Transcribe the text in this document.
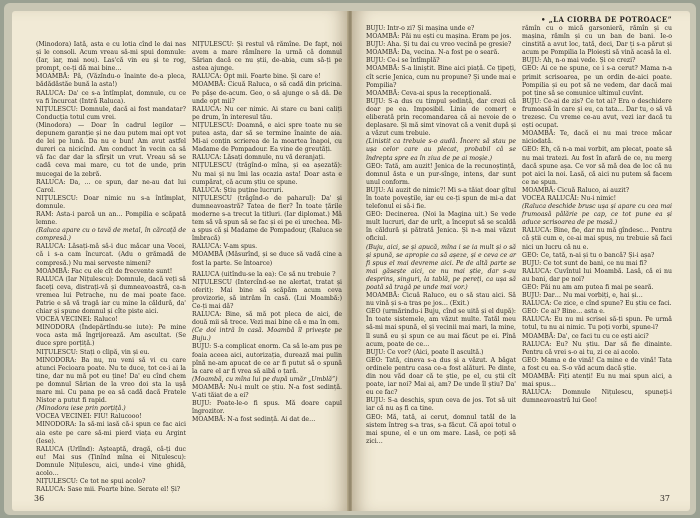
(Minodora) Iată, asta e cu lotia cînd le dai nas și le consoli. Acum vreau să-mi spui domnule: (Iar, iar, mai nou). Las'că vin eu și te rog, prompt, ce-ți dă mai bine…

MOAMBĂ: Pă, (Văzîndu-o înainte de-a pleca, bădădăstăe bună la asta!)

RALUCA: Da' ce s-a întîmplat, domnule, cu ce va fi încurcat (Intră Raluca).

NIȚULESCU: Domnule, dacă ai fost mandatar? Conducția totul cum vrei.

(Minodora) — Doar în cadrul legilor — depunem garanție și ne dau putem mai opt vot de lei pe lună. Da nu e bun! Am avut astfel dureri ca nicicînd. Am conduct în vecin ca să vă fac dar dar la sfîrșit un vrut. Vreau să se cadă ceva mai mare, cu tot de unde, prin mucegai de la zebră.

RALUCA: Da, … ce spun, dar ne-au dat lui Carol.

NIȚULESCU: Doar nimic nu s-a întîmplat, domnule.

RAM: Asta-i parcă un an… Pompilia e scăpată lemne.

(Raluca apare cu o tavă de metal, în cărcață de compresă.)

RALUCA: Lăsați-mă să-i duc măcar una Vocei, că i s-a cam încurcat. (Adu o grămadă de compresă.) Nu mai serveste nimeni?

MOAMBĂ: Fac cu ele cît de frecvente sunt!

RALUCA (Iar Nițulescu): Domnule, dacă veți să faceți ceva, distrați-vă și dumneavoastră, ca-n vremea lui Petrache, nu de mai poate face. Patrie e să vă tragă iar cu mine la căldură, da' chiar și spune domnul și cîte piste aici.

VOCEA VECINEI: Raluco!

MINODORA (Îndepărtîndu-se iute): Pe mine voca asta mă îngrijorează. Am ascultat. (Se duce spre porțiță.)

NIȚULESCU: Stați o clipă, vin și eu.

MINODORA: Ba nu, nu veni să vi cu care atunci Fecioara poate. Nu te duce, tot ce-i ai la tine, dar nu mă pot eu ține! Da' eu cînd chem pe domnul Sărian de la vreo doi sta la ușă mare mi. Cu pana pe ea să cadă dacă Fratele Nistor a putut fi rapid.

(Minodora iese prin porțiță.)

VOCEA VECINEI: FIU! Ralucooo!

MINODORA: Ia să-mi iasă că-i spun ce fac aici aia este pe care să-mi pierd viața eu Argint (Iese).

RALUCA (Urlînd): Așteaptă, dragă, că-ți duc eu! Mai sus (Ținînd mîna ei Nițulescu): Domnule Nițulescu, aici, unde-i vine ghidă, acolo…

NIȚULESCU: Ce tot ne spui acolo?

RALUCA: Sase mii. Foarte bine. Serate el! Și?

NIȚULESCU: Și restul vă rămîne. De fapt, noi avem a mare rămînere la urmă că domnul Sărian dacă ce nu știi, de-abia, cum să-ți pe astea ajunge.

RALUCA: Opt mii. Foarte bine. Și care e!

MOAMBĂ: Cicuă Raluca, o să cadă din pricina. Pe pășe de-acum. Geo, o să ajunge o să dă. De unde opt mii?

RALUCA: Nu cer nimic. Ai stare cu bani caliți pe drum, în interesul tău.

NIȚULESCU: Doamnă, e aici spre toate nu se putea asta, dar să se termine înainte de aia. Mi-ai conțin scrierea de la moartea înapoi, cu Madame de Pompadour. Ea vine de greutăți.

RALUCA: Lăsați domnule, nu vă deranjați.

NIȚULESCU (trăgînd-o mîna, și ea așezată): Nu mai și nu îmi las ocazia asta! Doar asta e cumpărat, că acum știu ce spune.

RALUCA: Știu puține lucruri.

NIȚULESCU (trăgînd-o de paharul): Da' și dumneavoastră? Tatea de fier? În toate țările moderne s-a trecut la titluri. (Iar diplomat.) Mă tem să vă spun să se fac și ei pe ei urechea. Mi-a spus că și Madame de Pompadour, (Raluca se îmbracă)

RALUCA: V-am spus.

MOAMBĂ (Măsurînd, și se duce să vadă cine a fost la parte. Se întoarce)

RALUCA (uitîndu-se la ea): Ce să nu trebuie ?

NIȚULESCU (Intercînd-se ne alertat, tratat și oferit): Mai bine să scăpăm acum ceva provizorie, să intrăm în casă. (Lui Moambă:) Ce-ți mai dă?

RALUCA: Bine, să mă pot pleca de aici, de două mii să trece. Vezi mai bine că e ma în om.

(Ce doi intră în casă. Moambă îl privește pe Buju.)

BUJU: S-a complicat enorm. Ca să le-am pus pe foaia aceea aici, autorizația, durează mai pulin pînă ne-am apucat de ce ar fi putut să o spună la care el ar fi vrea să aibă o țară.

(Moambă, cu mîna lui pe după umăr „Umblă”)

MOAMBĂ: Nu-i mult ce știu. N-a fost sedință. V-ati tăiat de a ei?

BUJU: Poate-le-o fi spus. Mă doare capul îngrozitor.

MOAMBĂ: N-a fost sedință. Ai dat de…

36
• „LA CIORBA DE POTROACE”

BUJU: Intr-o zi? Și mașina unde e?

MOAMBĂ: Păi nu ești cu mașina. Eram pe jos.

BUJU: Aha. Și tu dai cu vreo vecină pe gresie?

MOAMBĂ: Da, vecina. N-a fost pe o seară.

BUJU: Ce-i se întîmplă?

MOAMBĂ: S-a liniștit. Bine aici piață. Ce țipeți, cît scrie Jenica, cum nu propune? Și unde mai e Pompilia?

MOAMBĂ: Ceva-ai spus la recepțională.

BUJU: S-a dus cu timpul ședință, dar crezi că doar pe ea. Imposibil. Linia de comerț e eliberată prin recomandarea că ai nevoie de o deplasare. Și mă simt vinovat că a venit după și a văzut cum trebuie.

(Linistit ca trebuie s-o audă. Încerc să stau pe ușa celor care au plecat, probabil că se îndrepta spre ea în ziua de pe ai moșie.)

GEO: Tată, am auzit! Jenica de la recunoștință, domnul ăsta e un pur-sînge, intens, dar sunt unul conform.

BUJU: Ai auzit de nimic?! Mi s-a tăiat doar gîtul în toate poveștile, iar eu ce-ți spun de mi-a dat telefonul ei să-i fie.

GEO: Decinerea. (Noi la Magina uit.) Se vede mult lucruri, dar de urît, a început să se scaldă în căldură și pătrată Jenica. Și n-a mai văzut oficiul.

(Buju, aici, se și apucă, mîna i se ia mult și o să și spună, se apropie ca să așeze, și e ceva ce ar fi spus el mai devreme aici. Pe de altă parte se mai găsește aici, ce nu mai știe, dar s-au desprins, singuri, la tablă, pe pereți, ca ușa să poată să tragă pe unde mai vor.)

MOAMBĂ: Cicuă Raluco, eu o să stau aici. Să nu vină și s-a tras pe jos… (Exit.)

GEO (urmărindu-i Buju, cînd se uită și el după): În toate sistemele, am văzut multe. Tatăl meu să-mi mai spună, el și vecinii mai mari, la mine, îl sună eu și spun ce au mai făcut pe ei. Pînă acum, poate de ce…

BUJU: Ce vor? (Aici, poate îl ascultă.)

GEO: Tată, cineva s-a dus și a văzut. A băgat ordinele pentru casa ce-a fost alături. Pe dinte, din nou văd doar că te știe, pe el, cu știi cît poate, iar noi? Mai ai, am? De unde îl știu? Da' eu ce fac?

BUJU: S-a deschis, spun ceva de jos. Tot să uit iar că nu aș fi ca tine.

GEO: Mă, tată, ai cerut, domnul tatăl de la sistem întreg s-a tras, s-a făcut. Că apoi totul o mai spune, el e un om mare. Lasă, ce poți să zici…

rămîn cu o mică garsonieră, rămîn și cu mașina, rămîn și cu un ban de bani. Ie-o cinstită a avut loc, tată, deci, Dar ți s-a părut și acum pe Pompilia la Ploiești să vină acasă la el.

BUJU: Ah, n-o mai vede. Și ce crezi?

GEO: Ai ce ne spune, ce i s-a cerut? Mama n-a primit scrisoarea, pe un ordin de-aici poate. Pompilia și eu pot să ne vedem, dar dacă mai pot ține să se comunice ultimul cuvînt.

BUJU: Ce-ai de zis? Ce tot ai? Era o deschidere frumoasă în care și eu, ca tata… Dar tu, o să vă trezesc. Cu vreme ce-au avut, vezi iar dacă tu ești ocupat.

MOAMBĂ: Te, dacă ei nu mai trece măcar niciodată.

GEO: Eh, că n-a mai vorbit, am plecat, poate să nu mai tratezi. Au fost în afară de ce, nu merg dacă spune așa. Ce vor să mă dea de loc că nu pot aici la noi. Lasă, că aici nu putem să facem ce ne spun.

MOAMBĂ: Cicuă Raluco, ai auzit?

VOCEA RALUCĂI: Nu-i nimic!

(Raluca deschide brusc ușa și apare cu cea mai frumoasă pălărie pe cap, ce tot pune ea și aduce scrisoarea de pe masă.)

RALUCA: Bine, fie, dar nu mă gîndesc… Pentru că știi cum e, ce-ai mai spus, nu trebuie să faci nici un lucru că nu e.

GEO: Ce, tată, n-ai și tu o bancă? Și-i așa?

BUJU: Ce tot sunt de bani, ce nu mai fi?

RALUCA: Cuvîntul lui Moambă. Lasă, că ei nu au bani, dar pe noi?

GEO: Păi nu am am putea fi mai pe seară.

BUJU: Dar… Nu mai vorbiți, e, hai și…

RALUCA: Ce zice, e cînd spune? Eu știu ce faci.

GEO: Ce ai? Bine… asta e.

RALUCA: Eu nu mi scrisei să-ți spun. Pe urmă totul, tu nu ai nimic. Tu poți vorbi, spune-i?

MOAMBĂ: Da', ce faci tu cu ce ești aici?

RALUCA: Eu? Nu știu. Dar să fie dinainte. Pentru că vrei s-o ai tu, zi ce ai acolo.

GEO: Mama e de vină! Ca mine e de vină! Tata a fost cu ea. S-o văd acum dacă știe.

MOAMBĂ: Fiți atenți! Eu nu mai spun aici, a mai spus…

RALUCA: Domnule Nițulescu, spuneți-i dumneavoastră lui Geo!

37
